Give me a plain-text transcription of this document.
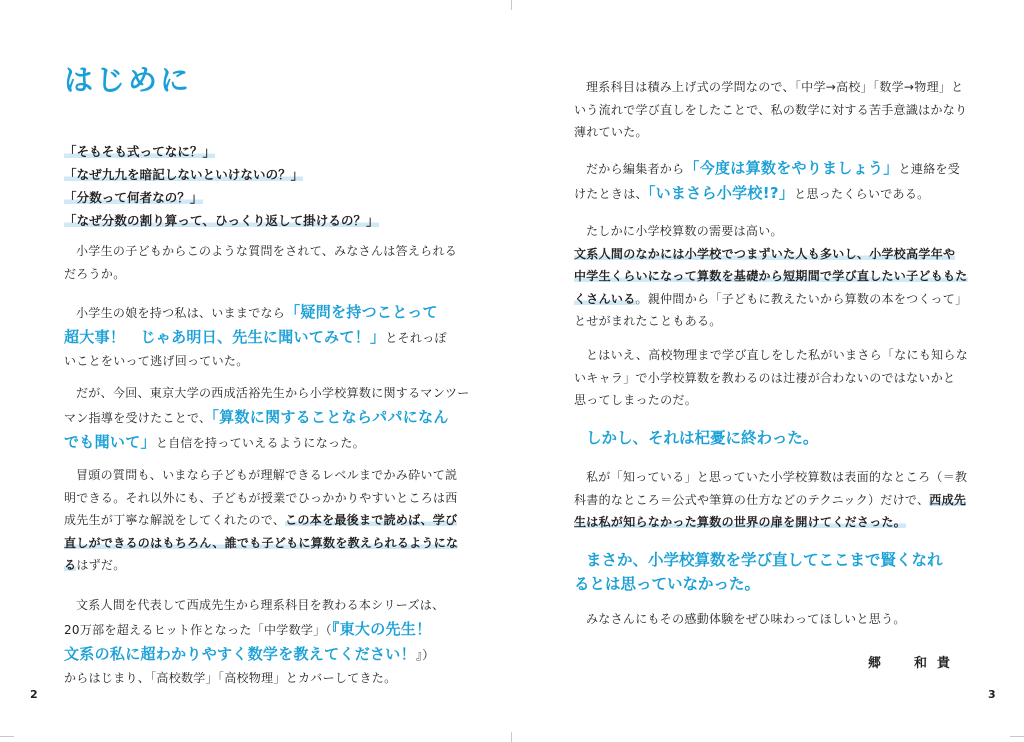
はじめに
「そもそも式ってなに？」
「なぜ九九を暗記しないといけないの？」
「分数って何者なの？」
「なぜ分数の割り算って、ひっくり返して掛けるの？」
小学生の子どもからこのような質問をされて、みなさんは答えられる
だろうか。
小学生の娘を持つ私は、いままでなら「疑問を持つことって
超大事！　じゃあ明日、先生に聞いてみて！」とそれっぽ
いことをいって逃げ回っていた。
だが、今回、東京大学の西成活裕先生から小学校算数に関するマンツー
マン指導を受けたことで、「算数に関することならパパになん
でも聞いて」と自信を持っていえるようになった。
冒頭の質問も、いまなら子どもが理解できるレベルまでかみ砕いて説
明できる。それ以外にも、子どもが授業でひっかかりやすいところは西
成先生が丁寧な解説をしてくれたので、この本を最後まで読めば、学び
直しができるのはもちろん、誰でも子どもに算数を教えられるようにな
るはずだ。
文系人間を代表して西成先生から理系科目を教わる本シリーズは、
20万部を超えるヒット作となった「中学数学」（『東大の先生！
文系の私に超わかりやすく数学を教えてください！』）
からはじまり、「高校数学」「高校物理」とカバーしてきた。
2
理系科目は積み上げ式の学問なので、「中学→高校」「数学→物理」と
いう流れで学び直しをしたことで、私の数学に対する苦手意識はかなり
薄れていた。
だから編集者から「今度は算数をやりましょう」と連絡を受
けたときは、「いまさら小学校!?」と思ったくらいである。
たしかに小学校算数の需要は高い。
文系人間のなかには小学校でつまずいた人も多いし、小学校高学年や
中学生くらいになって算数を基礎から短期間で学び直したい子どももた
くさんいる。親仲間から「子どもに教えたいから算数の本をつくって」
とせがまれたこともある。
とはいえ、高校物理まで学び直しをした私がいまさら「なにも知らな
いキャラ」で小学校算数を教わるのは辻褄が合わないのではないかと
思ってしまったのだ。
しかし、それは杞憂に終わった。
私が「知っている」と思っていた小学校算数は表面的なところ（＝教
科書的なところ＝公式や筆算の仕方などのテクニック）だけで、西成先
生は私が知らなかった算数の世界の扉を開けてくださった。
まさか、小学校算数を学び直してここまで賢くなれ
るとは思っていなかった。
みなさんにもその感動体験をぜひ味わってほしいと思う。
郷　和貴
3
